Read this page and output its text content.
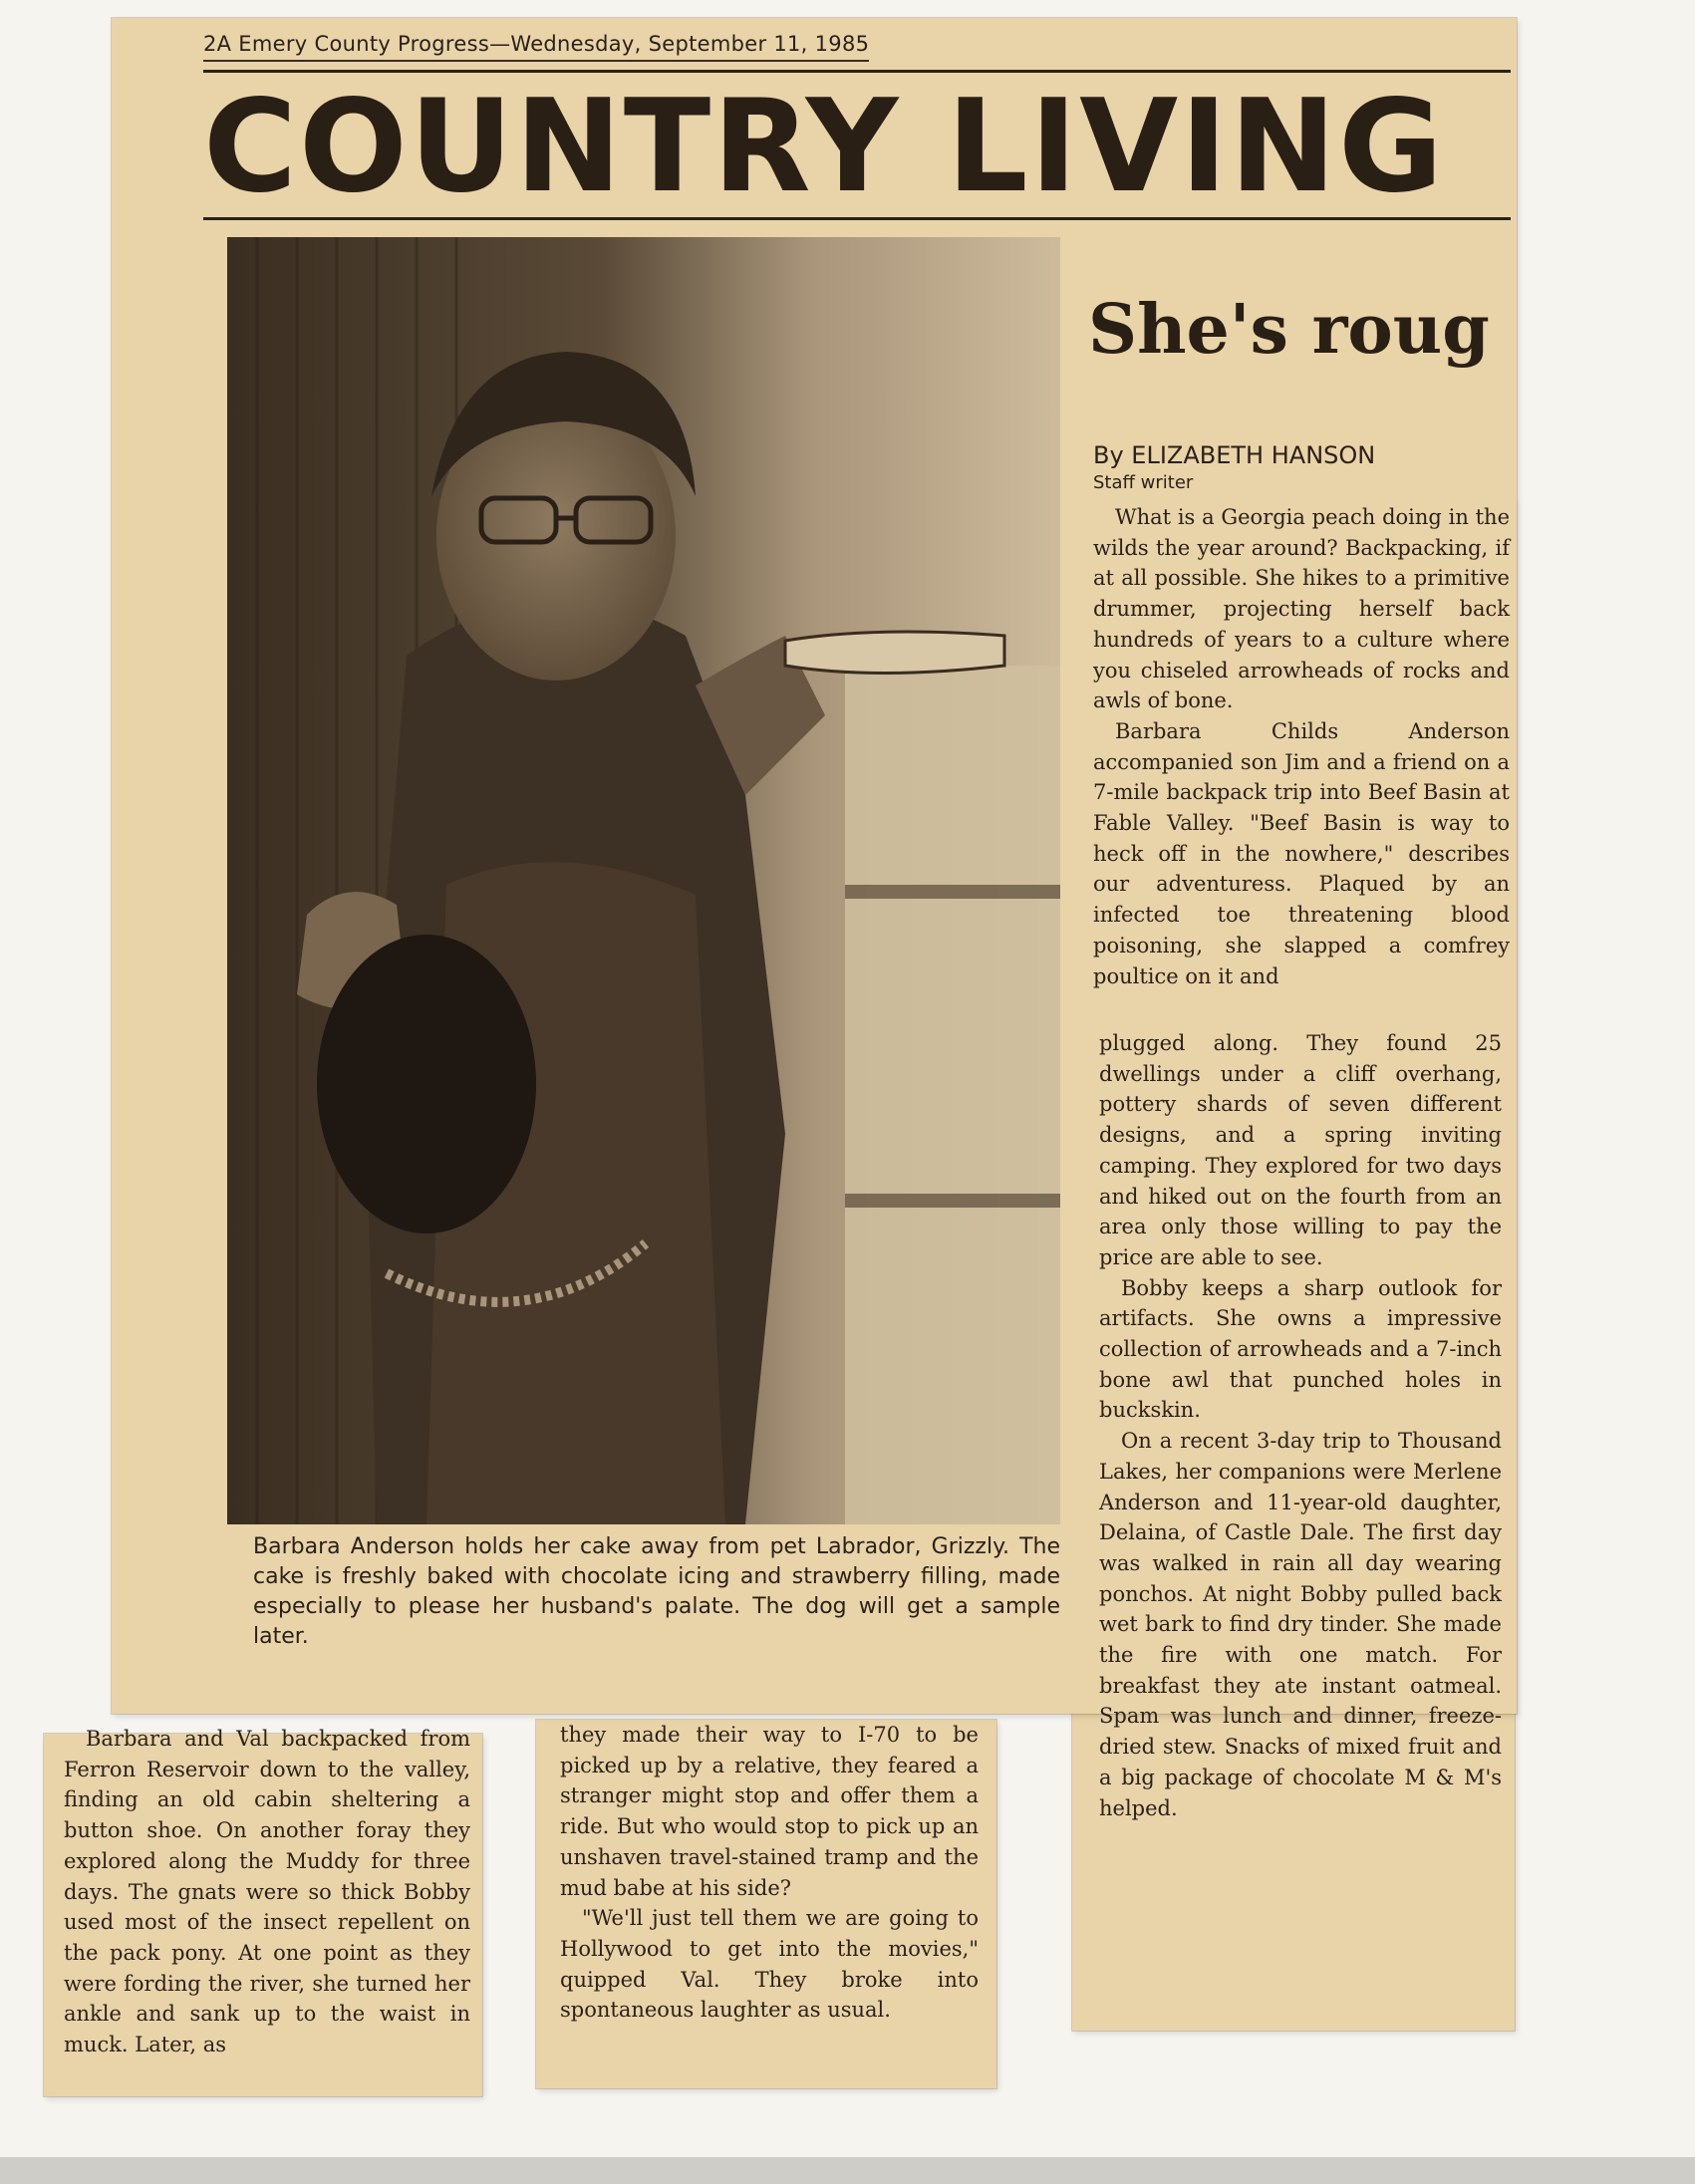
2A Emery County Progress—Wednesday, September 11, 1985
COUNTRY LIVING
Barbara Anderson holds her cake away from pet Labrador, Grizzly. The cake is freshly baked with chocolate icing and strawberry filling, made especially to please her husband's palate. The dog will get a sample later.
She's roug
By ELIZABETH HANSON
Staff writer

What is a Georgia peach doing in the wilds the year around? Backpacking, if at all possible. She hikes to a primitive drummer, projecting herself back hundreds of years to a culture where you chiseled arrowheads of rocks and awls of bone.

Barbara Childs Anderson accompanied son Jim and a friend on a 7-mile backpack trip into Beef Basin at Fable Valley. "Beef Basin is way to heck off in the nowhere," describes our adventuress. Plaqued by an infected toe threatening blood poisoning, she slapped a comfrey poultice on it and

plugged along. They found 25 dwellings under a cliff overhang, pottery shards of seven different designs, and a spring inviting camping. They explored for two days and hiked out on the fourth from an area only those willing to pay the price are able to see.

Bobby keeps a sharp outlook for artifacts. She owns a impressive collection of arrowheads and a 7-inch bone awl that punched holes in buckskin.

On a recent 3-day trip to Thousand Lakes, her companions were Merlene Anderson and 11-year-old daughter, Delaina, of Castle Dale. The first day was walked in rain all day wearing ponchos. At night Bobby pulled back wet bark to find dry tinder. She made the fire with one match. For breakfast they ate instant oatmeal. Spam was lunch and dinner, freeze-dried stew. Snacks of mixed fruit and a big package of chocolate M & M's helped.

Barbara and Val backpacked from Ferron Reservoir down to the valley, finding an old cabin sheltering a button shoe. On another foray they explored along the Muddy for three days. The gnats were so thick Bobby used most of the insect repellent on the pack pony. At one point as they were fording the river, she turned her ankle and sank up to the waist in muck. Later, as

they made their way to I-70 to be picked up by a relative, they feared a stranger might stop and offer them a ride. But who would stop to pick up an unshaven travel-stained tramp and the mud babe at his side?

"We'll just tell them we are going to Hollywood to get into the movies," quipped Val. They broke into spontaneous laughter as usual.
